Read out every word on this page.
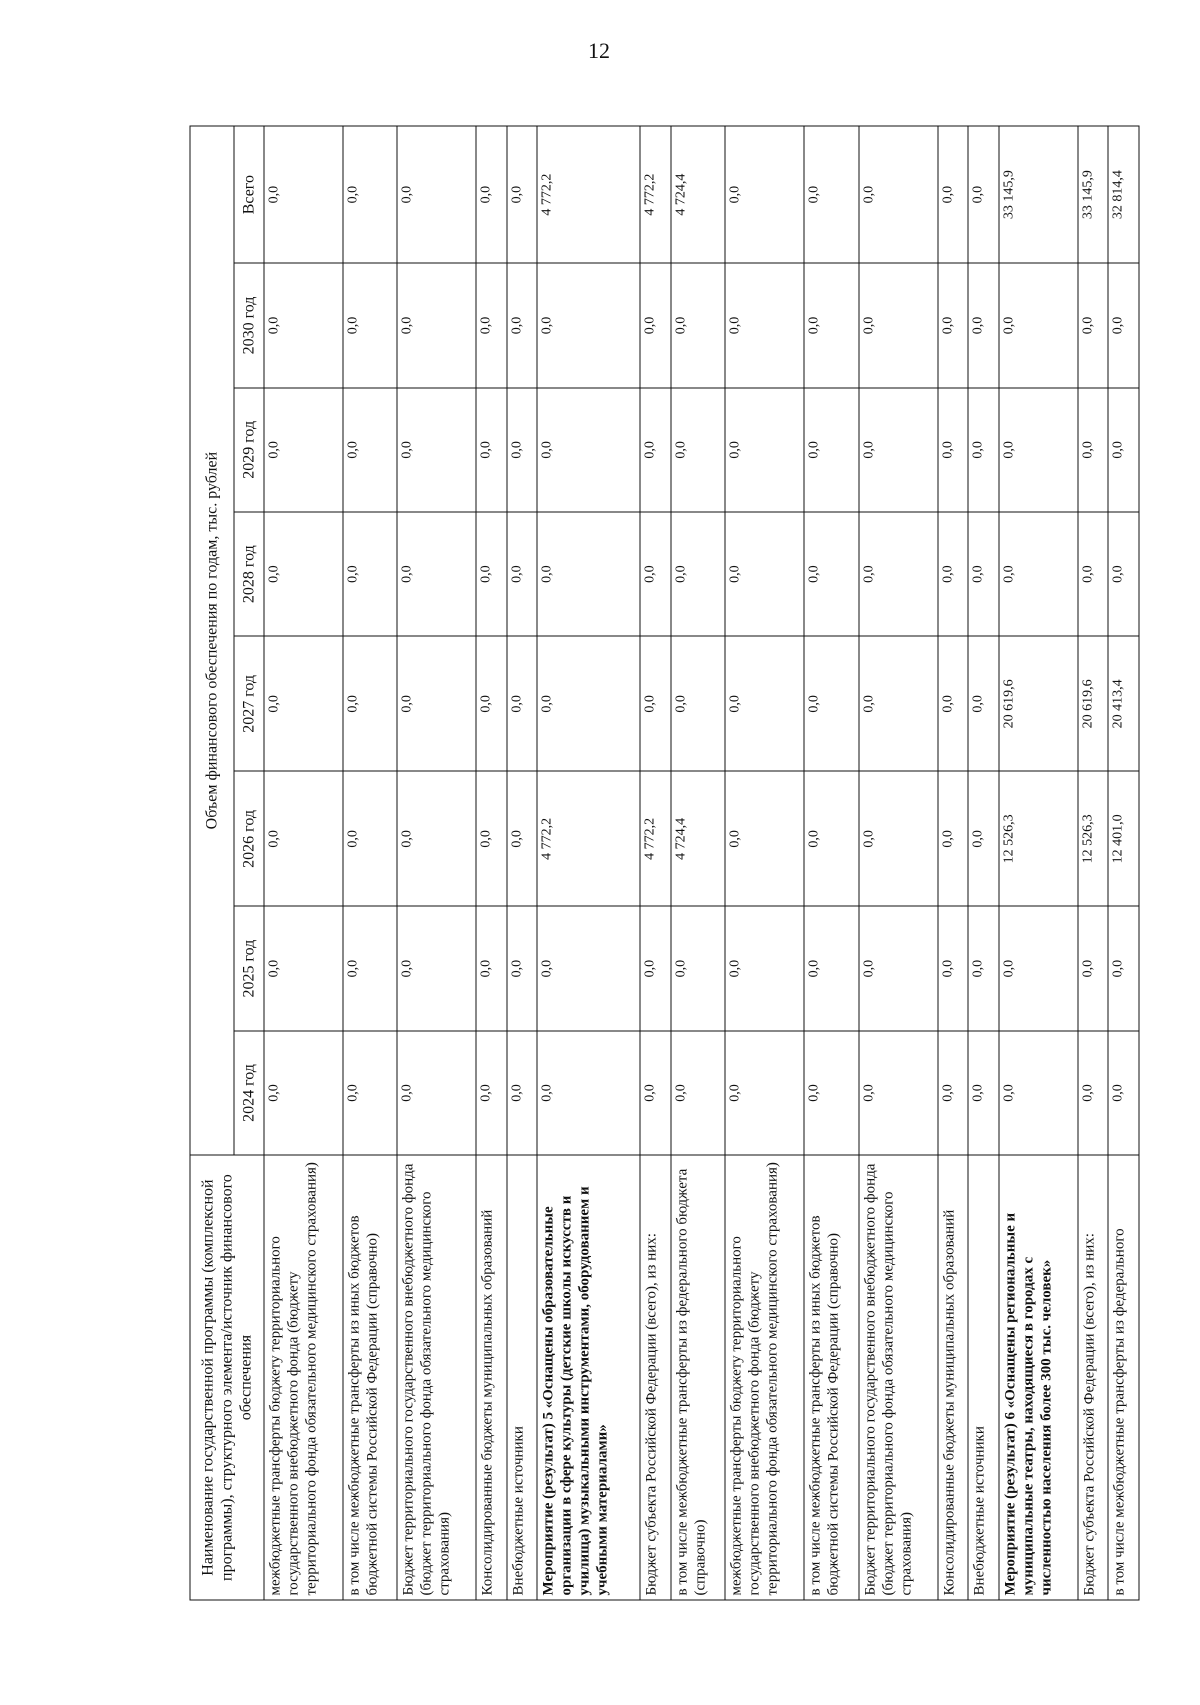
12
Наименование государственной программы (комплексной программы), структурного элемента/источник финансового обеспечения	Объем финансового обеспечения по годам, тыс. рублей							
	2024 год	2025 год	2026 год	2027 год	2028 год	2029 год	2030 год	Всего
межбюджетные трансферты бюджету территориального государственного внебюджетного фонда (бюджету территориального фонда обязательного медицинского страхования)	0,0	0,0	0,0	0,0	0,0	0,0	0,0	0,0
в том числе межбюджетные трансферты из иных бюджетов бюджетной системы Российской Федерации (справочно)	0,0	0,0	0,0	0,0	0,0	0,0	0,0	0,0
Бюджет территориального государственного внебюджетного фонда (бюджет территориального фонда обязательного медицинского страхования)	0,0	0,0	0,0	0,0	0,0	0,0	0,0	0,0
Консолидированные бюджеты муниципальных образований	0,0	0,0	0,0	0,0	0,0	0,0	0,0	0,0
Внебюджетные источники	0,0	0,0	0,0	0,0	0,0	0,0	0,0	0,0
Мероприятие (результат) 5 «Оснащены образовательные организации в сфере культуры (детские школы искусств и училища) музыкальными инструментами, оборудованием и учебными материалами»	0,0	0,0	4 772,2	0,0	0,0	0,0	0,0	4 772,2
Бюджет субъекта Российской Федерации (всего), из них:	0,0	0,0	4 772,2	0,0	0,0	0,0	0,0	4 772,2
в том числе межбюджетные трансферты из федерального бюджета (справочно)	0,0	0,0	4 724,4	0,0	0,0	0,0	0,0	4 724,4
межбюджетные трансферты бюджету территориального государственного внебюджетного фонда (бюджету территориального фонда обязательного медицинского страхования)	0,0	0,0	0,0	0,0	0,0	0,0	0,0	0,0
в том числе межбюджетные трансферты из иных бюджетов бюджетной системы Российской Федерации (справочно)	0,0	0,0	0,0	0,0	0,0	0,0	0,0	0,0
Бюджет территориального государственного внебюджетного фонда (бюджет территориального фонда обязательного медицинского страхования)	0,0	0,0	0,0	0,0	0,0	0,0	0,0	0,0
Консолидированные бюджеты муниципальных образований	0,0	0,0	0,0	0,0	0,0	0,0	0,0	0,0
Внебюджетные источники	0,0	0,0	0,0	0,0	0,0	0,0	0,0	0,0
Мероприятие (результат) 6 «Оснащены региональные и муниципальные театры, находящиеся в городах с численностью населения более 300 тыс. человек»	0,0	0,0	12 526,3	20 619,6	0,0	0,0	0,0	33 145,9
Бюджет субъекта Российской Федерации (всего), из них:	0,0	0,0	12 526,3	20 619,6	0,0	0,0	0,0	33 145,9
в том числе межбюджетные трансферты из федерального	0,0	0,0	12 401,0	20 413,4	0,0	0,0	0,0	32 814,4
